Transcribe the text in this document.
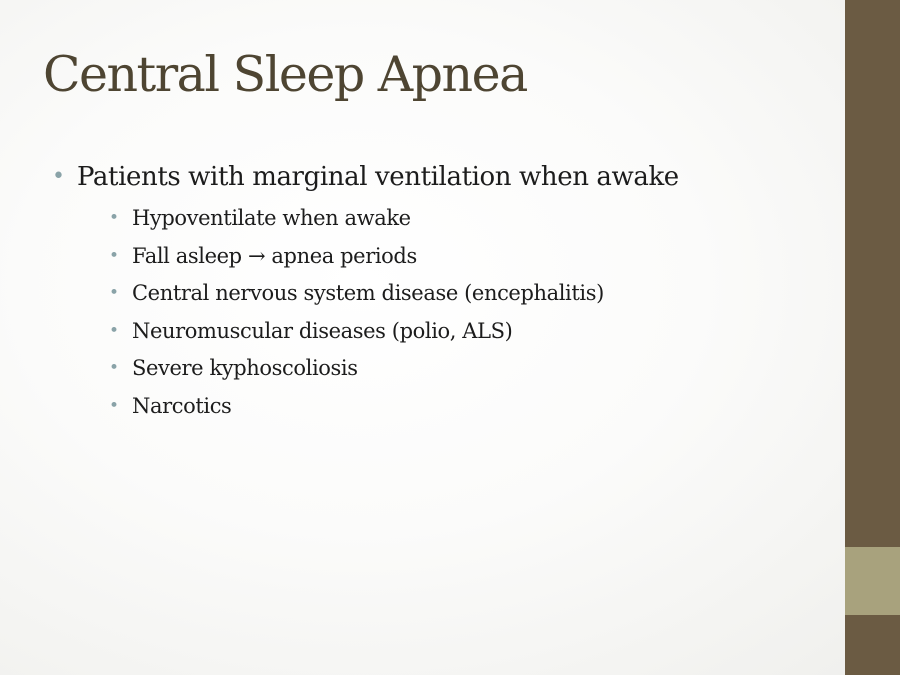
Central Sleep Apnea
• Patients with marginal ventilation when awake
• Hypoventilate when awake
• Fall asleep → apnea periods
• Central nervous system disease (encephalitis)
• Neuromuscular diseases (polio, ALS)
• Severe kyphoscoliosis
• Narcotics
